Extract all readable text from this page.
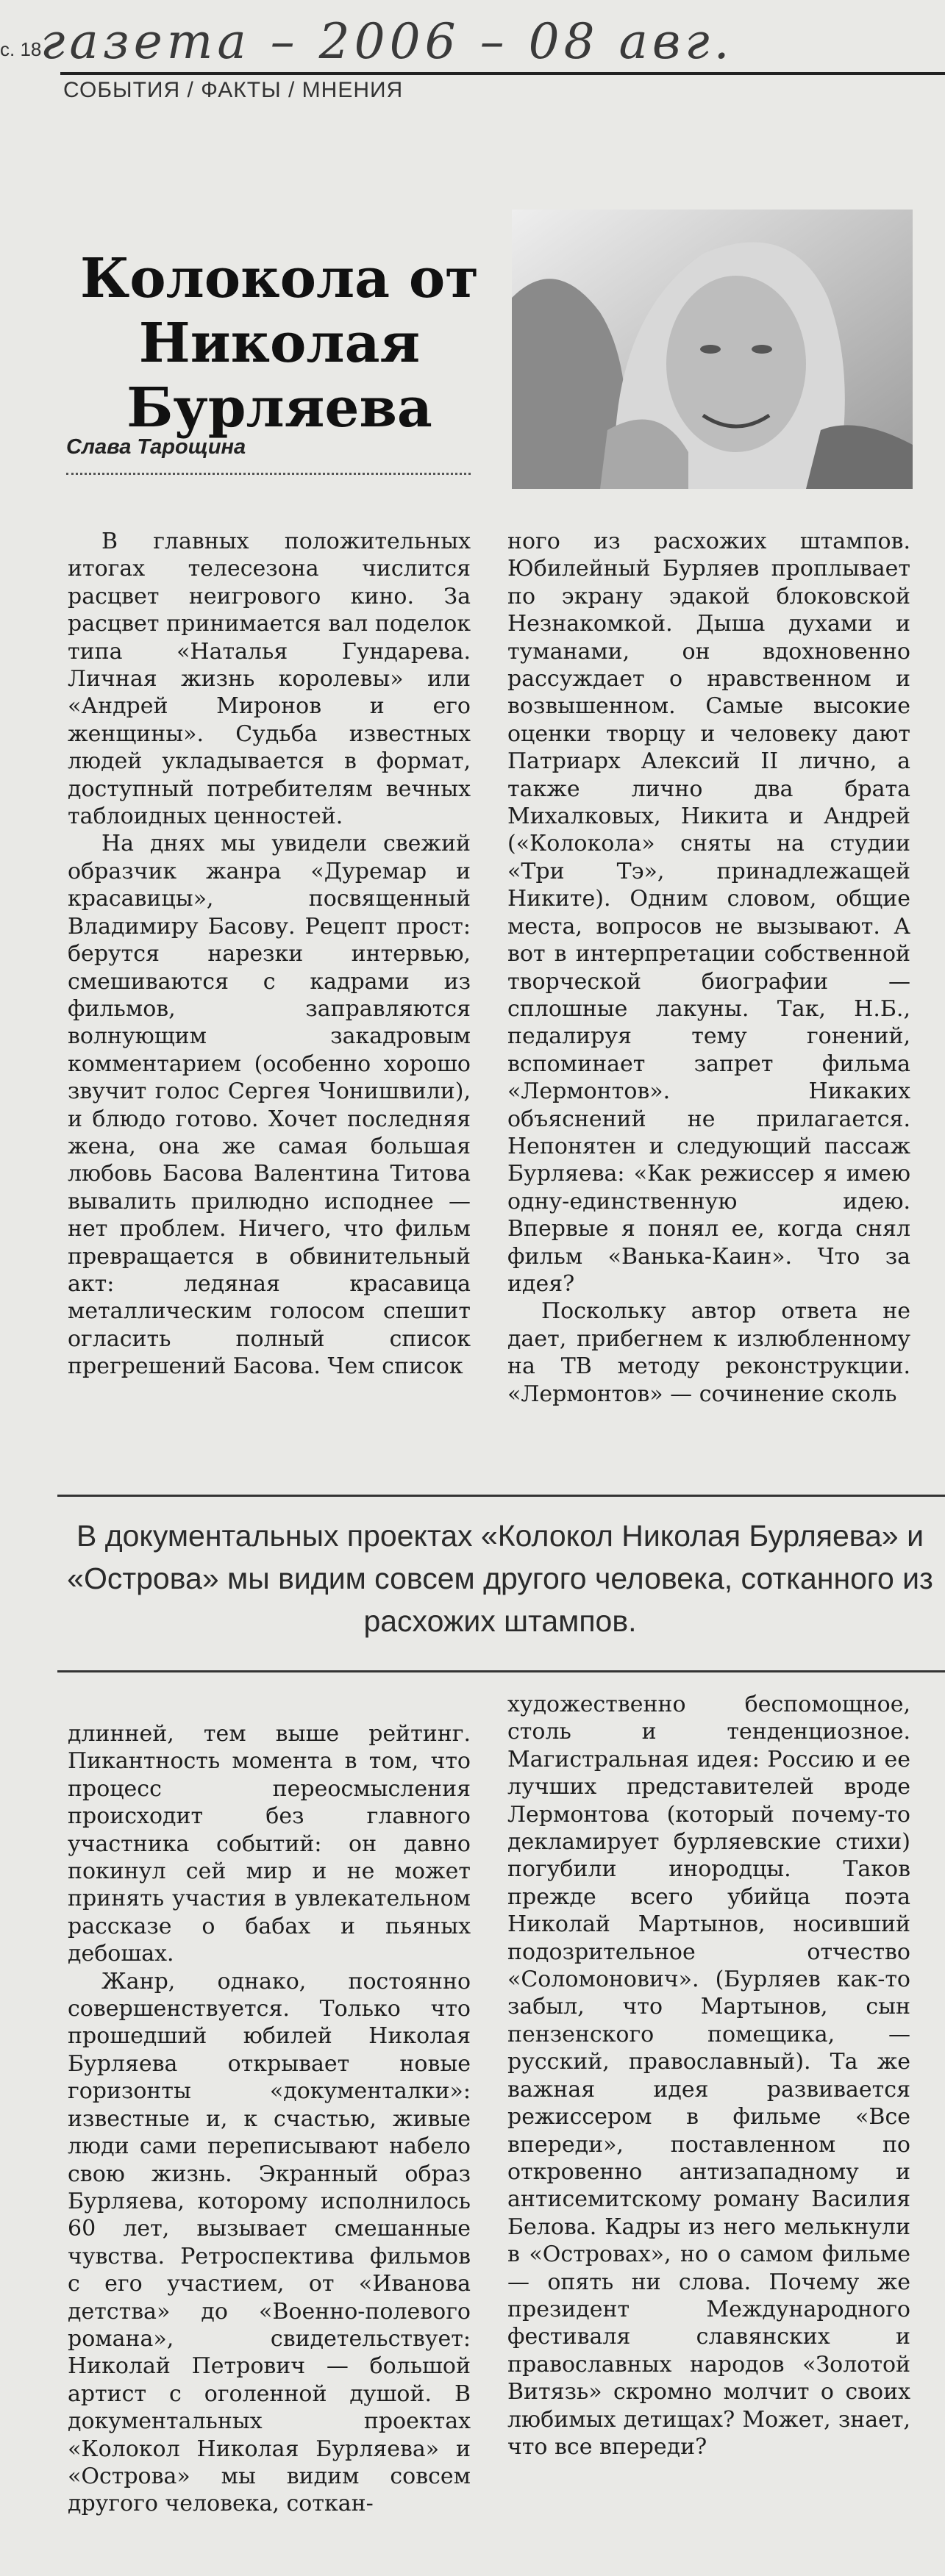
газета – 2006 – 08 авг.
с. 18
СОБЫТИЯ / ФАКТЫ / МНЕНИЯ
Колокола от Николая Бурляева
Слава Тарощина

В главных положительных итогах телесезона числится расцвет неигрового кино. За расцвет принимается вал поделок типа «Наталья Гундарева. Личная жизнь королевы» или «Андрей Миронов и его женщины». Судьба известных людей укладывается в формат, доступный потребителям вечных таблоидных ценностей.

На днях мы увидели свежий образчик жанра «Дуремар и красавицы», посвященный Владимиру Басову. Рецепт прост: берутся нарезки интервью, смешиваются с кадрами из фильмов, заправляются волнующим закадровым комментарием (особенно хорошо звучит голос Сергея Чонишвили), и блюдо готово. Хочет последняя жена, она же самая большая любовь Басова Валентина Титова вывалить прилюдно исподнее — нет проблем. Ничего, что фильм превращается в обвинительный акт: ледяная красавица металлическим голосом спешит огласить полный список прегрешений Басова. Чем список

ного из расхожих штампов. Юбилейный Бурляев проплывает по экрану эдакой блоковской Незнакомкой. Дыша духами и туманами, он вдохновенно рассуждает о нравственном и возвышенном. Самые высокие оценки творцу и человеку дают Патриарх Алексий II лично, а также лично два брата Михалковых, Никита и Андрей («Колокола» сняты на студии «Три Тэ», принадлежащей Никите). Одним словом, общие места, вопросов не вызывают. А вот в интерпретации собственной творческой биографии — сплошные лакуны. Так, Н.Б., педалируя тему гонений, вспоминает запрет фильма «Лермонтов». Никаких объяснений не прилагается. Непонятен и следующий пассаж Бурляева: «Как режиссер я имею одну-единственную идею. Впервые я понял ее, когда снял фильм «Ванька-Каин». Что за идея?

Поскольку автор ответа не дает, прибегнем к излюбленному на ТВ методу реконструкции. «Лермонтов» — сочинение сколь

В документальных проектах «Колокол Николая Бурляева» и «Острова» мы видим совсем другого человека, сотканного из расхожих штампов.

длинней, тем выше рейтинг. Пикантность момента в том, что процесс переосмысления происходит без главного участника событий: он давно покинул сей мир и не может принять участия в увлекательном рассказе о бабах и пьяных дебошах.

Жанр, однако, постоянно совершенствуется. Только что прошедший юбилей Николая Бурляева открывает новые горизонты «документалки»: известные и, к счастью, живые люди сами переписывают набело свою жизнь. Экранный образ Бурляева, которому исполнилось 60 лет, вызывает смешанные чувства. Ретроспектива фильмов с его участием, от «Иванова детства» до «Военно-полевого романа», свидетельствует: Николай Петрович — большой артист с оголенной душой. В документальных проектах «Колокол Николая Бурляева» и «Острова» мы видим совсем другого человека, соткан-

художественно беспомощное, столь и тенденциозное. Магистральная идея: Россию и ее лучших представителей вроде Лермонтова (который почему-то декламирует бурляевские стихи) погубили инородцы. Таков прежде всего убийца поэта Николай Мартынов, носивший подозрительное отчество «Соломонович». (Бурляев как-то забыл, что Мартынов, сын пензенского помещика, — русский, православный). Та же важная идея развивается режиссером в фильме «Все впереди», поставленном по откровенно антизападному и антисемитскому роману Василия Белова. Кадры из него мелькнули в «Островах», но о самом фильме — опять ни слова. Почему же президент Международного фестиваля славянских и православных народов «Золотой Витязь» скромно молчит о своих любимых детищах? Может, знает, что все впереди?
